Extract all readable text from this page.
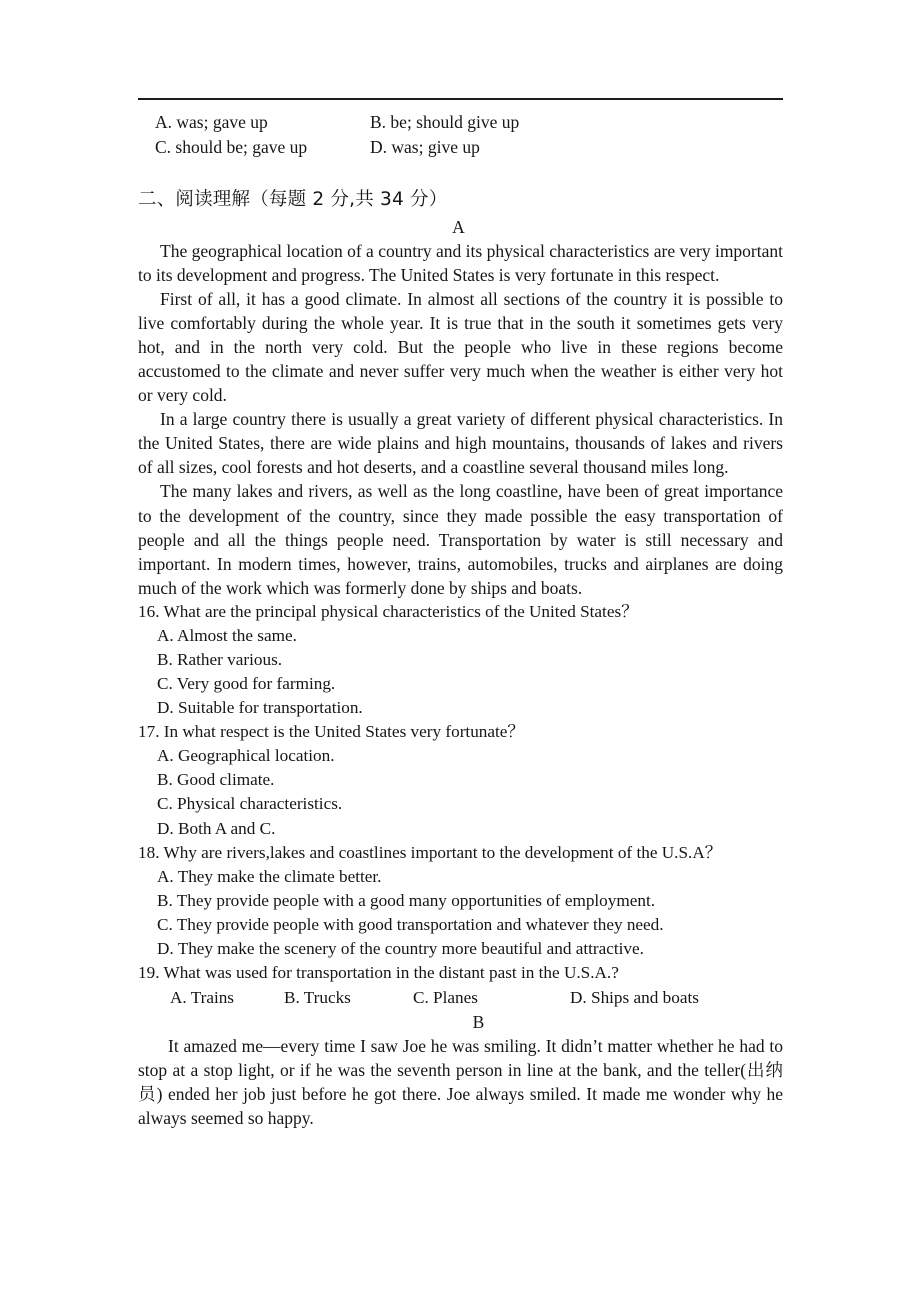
A. was; gave up	B. be; should give up
C. should be; gave up	D. was; give up
二、阅读理解（每题 2 分,共 34 分）
A

The geographical location of a country and its physical characteristics are very important to its development and progress. The United States is very fortunate in this respect.

First of all, it has a good climate. In almost all sections of the country it is possible to live comfortably during the whole year. It is true that in the south it sometimes gets very hot, and in the north very cold. But the people who live in these regions become accustomed to the climate and never suffer very much when the weather is either very hot or very cold.

In a large country there is usually a great variety of different physical characteristics. In the United States, there are wide plains and high mountains, thousands of lakes and rivers of all sizes, cool forests and hot deserts, and a coastline several thousand miles long.

The many lakes and rivers, as well as the long coastline, have been of great importance to the development of the country, since they made possible the easy transportation of people and all the things people need. Transportation by water is still necessary and important. In modern times, however, trains, automobiles, trucks and airplanes are doing much of the work which was formerly done by ships and boats.

16. What are the principal physical characteristics of the United States？

A. Almost the same.

B. Rather various.

C. Very good for farming.

D. Suitable for transportation.

17. In what respect is the United States very fortunate？

A. Geographical location.

B. Good climate.

C. Physical characteristics.

D. Both A and C.

18. Why are rivers,lakes and coastlines important to the development of the U.S.A？

A. They make the climate better.

B. They provide people with a good many opportunities of employment.

C. They provide people with good transportation and whatever they need.

D. They make the scenery of the country more beautiful and attractive.

19. What was used for transportation in the distant past in the U.S.A.?

A. Trains	B. Trucks	C. Planes	D. Ships and boats
B

It amazed me—every time I saw Joe he was smiling. It didn’t matter whether he had to stop at a stop light, or if he was the seventh person in line at the bank, and the teller(出纳员) ended her job just before he got there. Joe always smiled. It made me wonder why he always seemed so happy.
